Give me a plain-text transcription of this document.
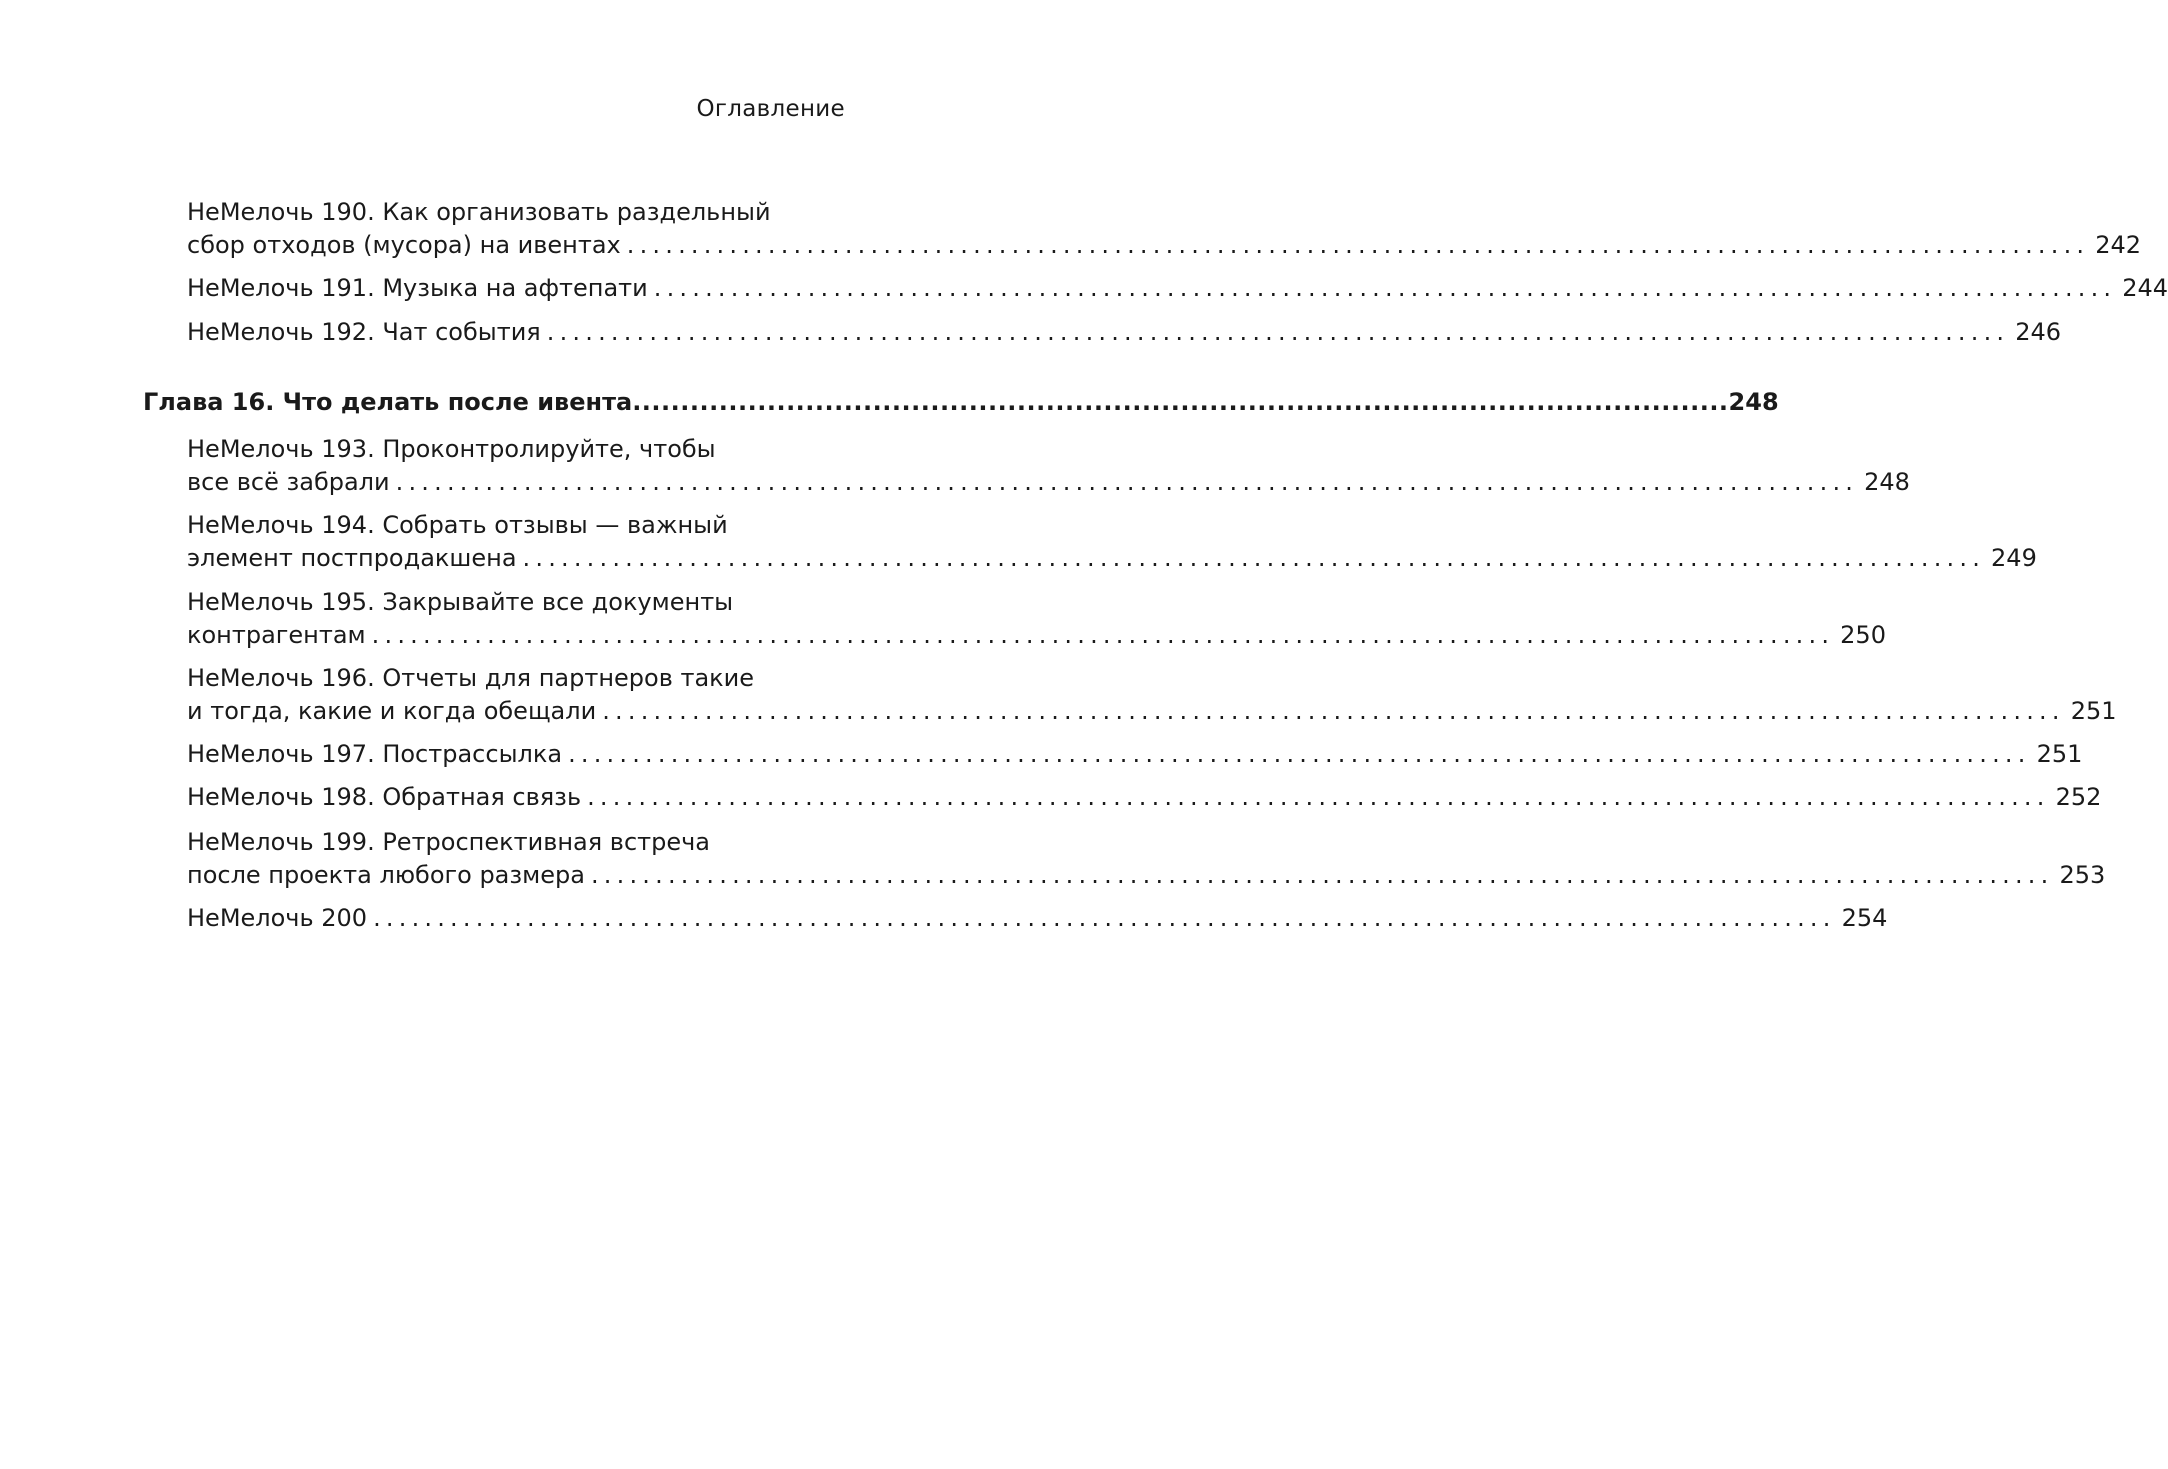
Оглавление
НеМелочь 190. Как организовать раздельный
сбор отходов (мусора) на ивентах .................................................................................................................. 242
НеМелочь 191. Музыка на афтепати .................................................................................................................. 244
НеМелочь 192. Чат события .................................................................................................................. 246
Глава 16. Что делать после ивента .................................................................................................................. 248
НеМелочь 193. Проконтролируйте, чтобы
все всё забрали .................................................................................................................. 248
НеМелочь 194. Собрать отзывы — важный
элемент постпродакшена .................................................................................................................. 249
НеМелочь 195. Закрывайте все документы
контрагентам .................................................................................................................. 250
НеМелочь 196. Отчеты для партнеров такие
и тогда, какие и когда обещали .................................................................................................................. 251
НеМелочь 197. Пострассылка .................................................................................................................. 251
НеМелочь 198. Обратная связь .................................................................................................................. 252
НеМелочь 199. Ретроспективная встреча
после проекта любого размера .................................................................................................................. 253
НеМелочь 200 .................................................................................................................. 254
